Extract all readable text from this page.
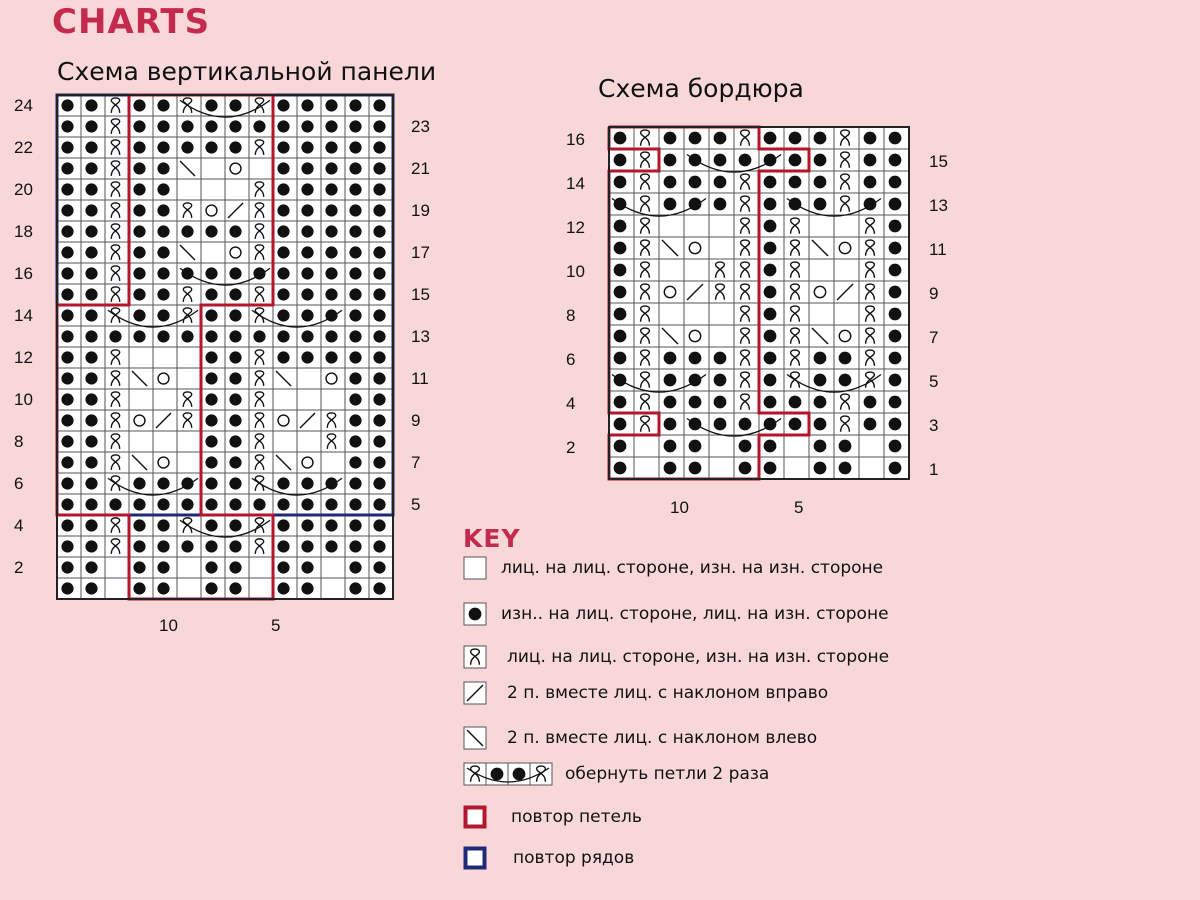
CHARTS
Схема вертикальной панели
Схема бордюра
24
22
20
18
16
14
12
10
8
6
4
2
23
21
19
17
15
13
11
9
7
5
10	5
16
14
12
10
8
6
4
2
15
13
11
9
7
5
3
1
10	5
KEY
лиц. на лиц. стороне, изн. на изн. стороне
изн.. на лиц. стороне, лиц. на изн. стороне
лиц. на лиц. стороне, изн. на изн. стороне
2 п. вместе лиц. с наклоном вправо
2 п. вместе лиц. с наклоном влево
обернуть петли 2 раза
повтор петель
повтор рядов
